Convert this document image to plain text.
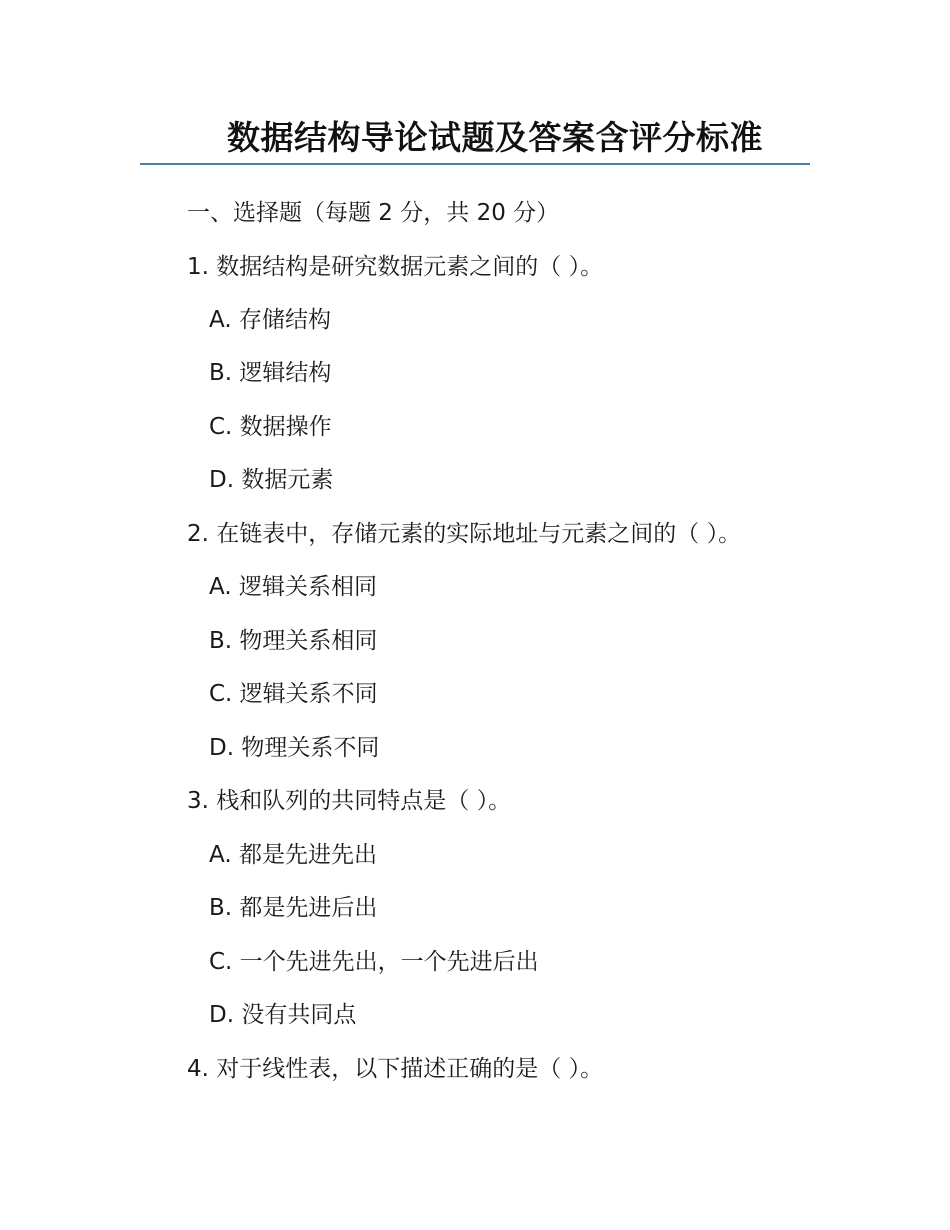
数据结构导论试题及答案含评分标准
一、选择题（每题 2 分，共 20 分）
1. 数据结构是研究数据元素之间的（ ）。
A. 存储结构
B. 逻辑结构
C. 数据操作
D. 数据元素
2. 在链表中，存储元素的实际地址与元素之间的（ ）。
A. 逻辑关系相同
B. 物理关系相同
C. 逻辑关系不同
D. 物理关系不同
3. 栈和队列的共同特点是（ ）。
A. 都是先进先出
B. 都是先进后出
C. 一个先进先出，一个先进后出
D. 没有共同点
4. 对于线性表，以下描述正确的是（ ）。
